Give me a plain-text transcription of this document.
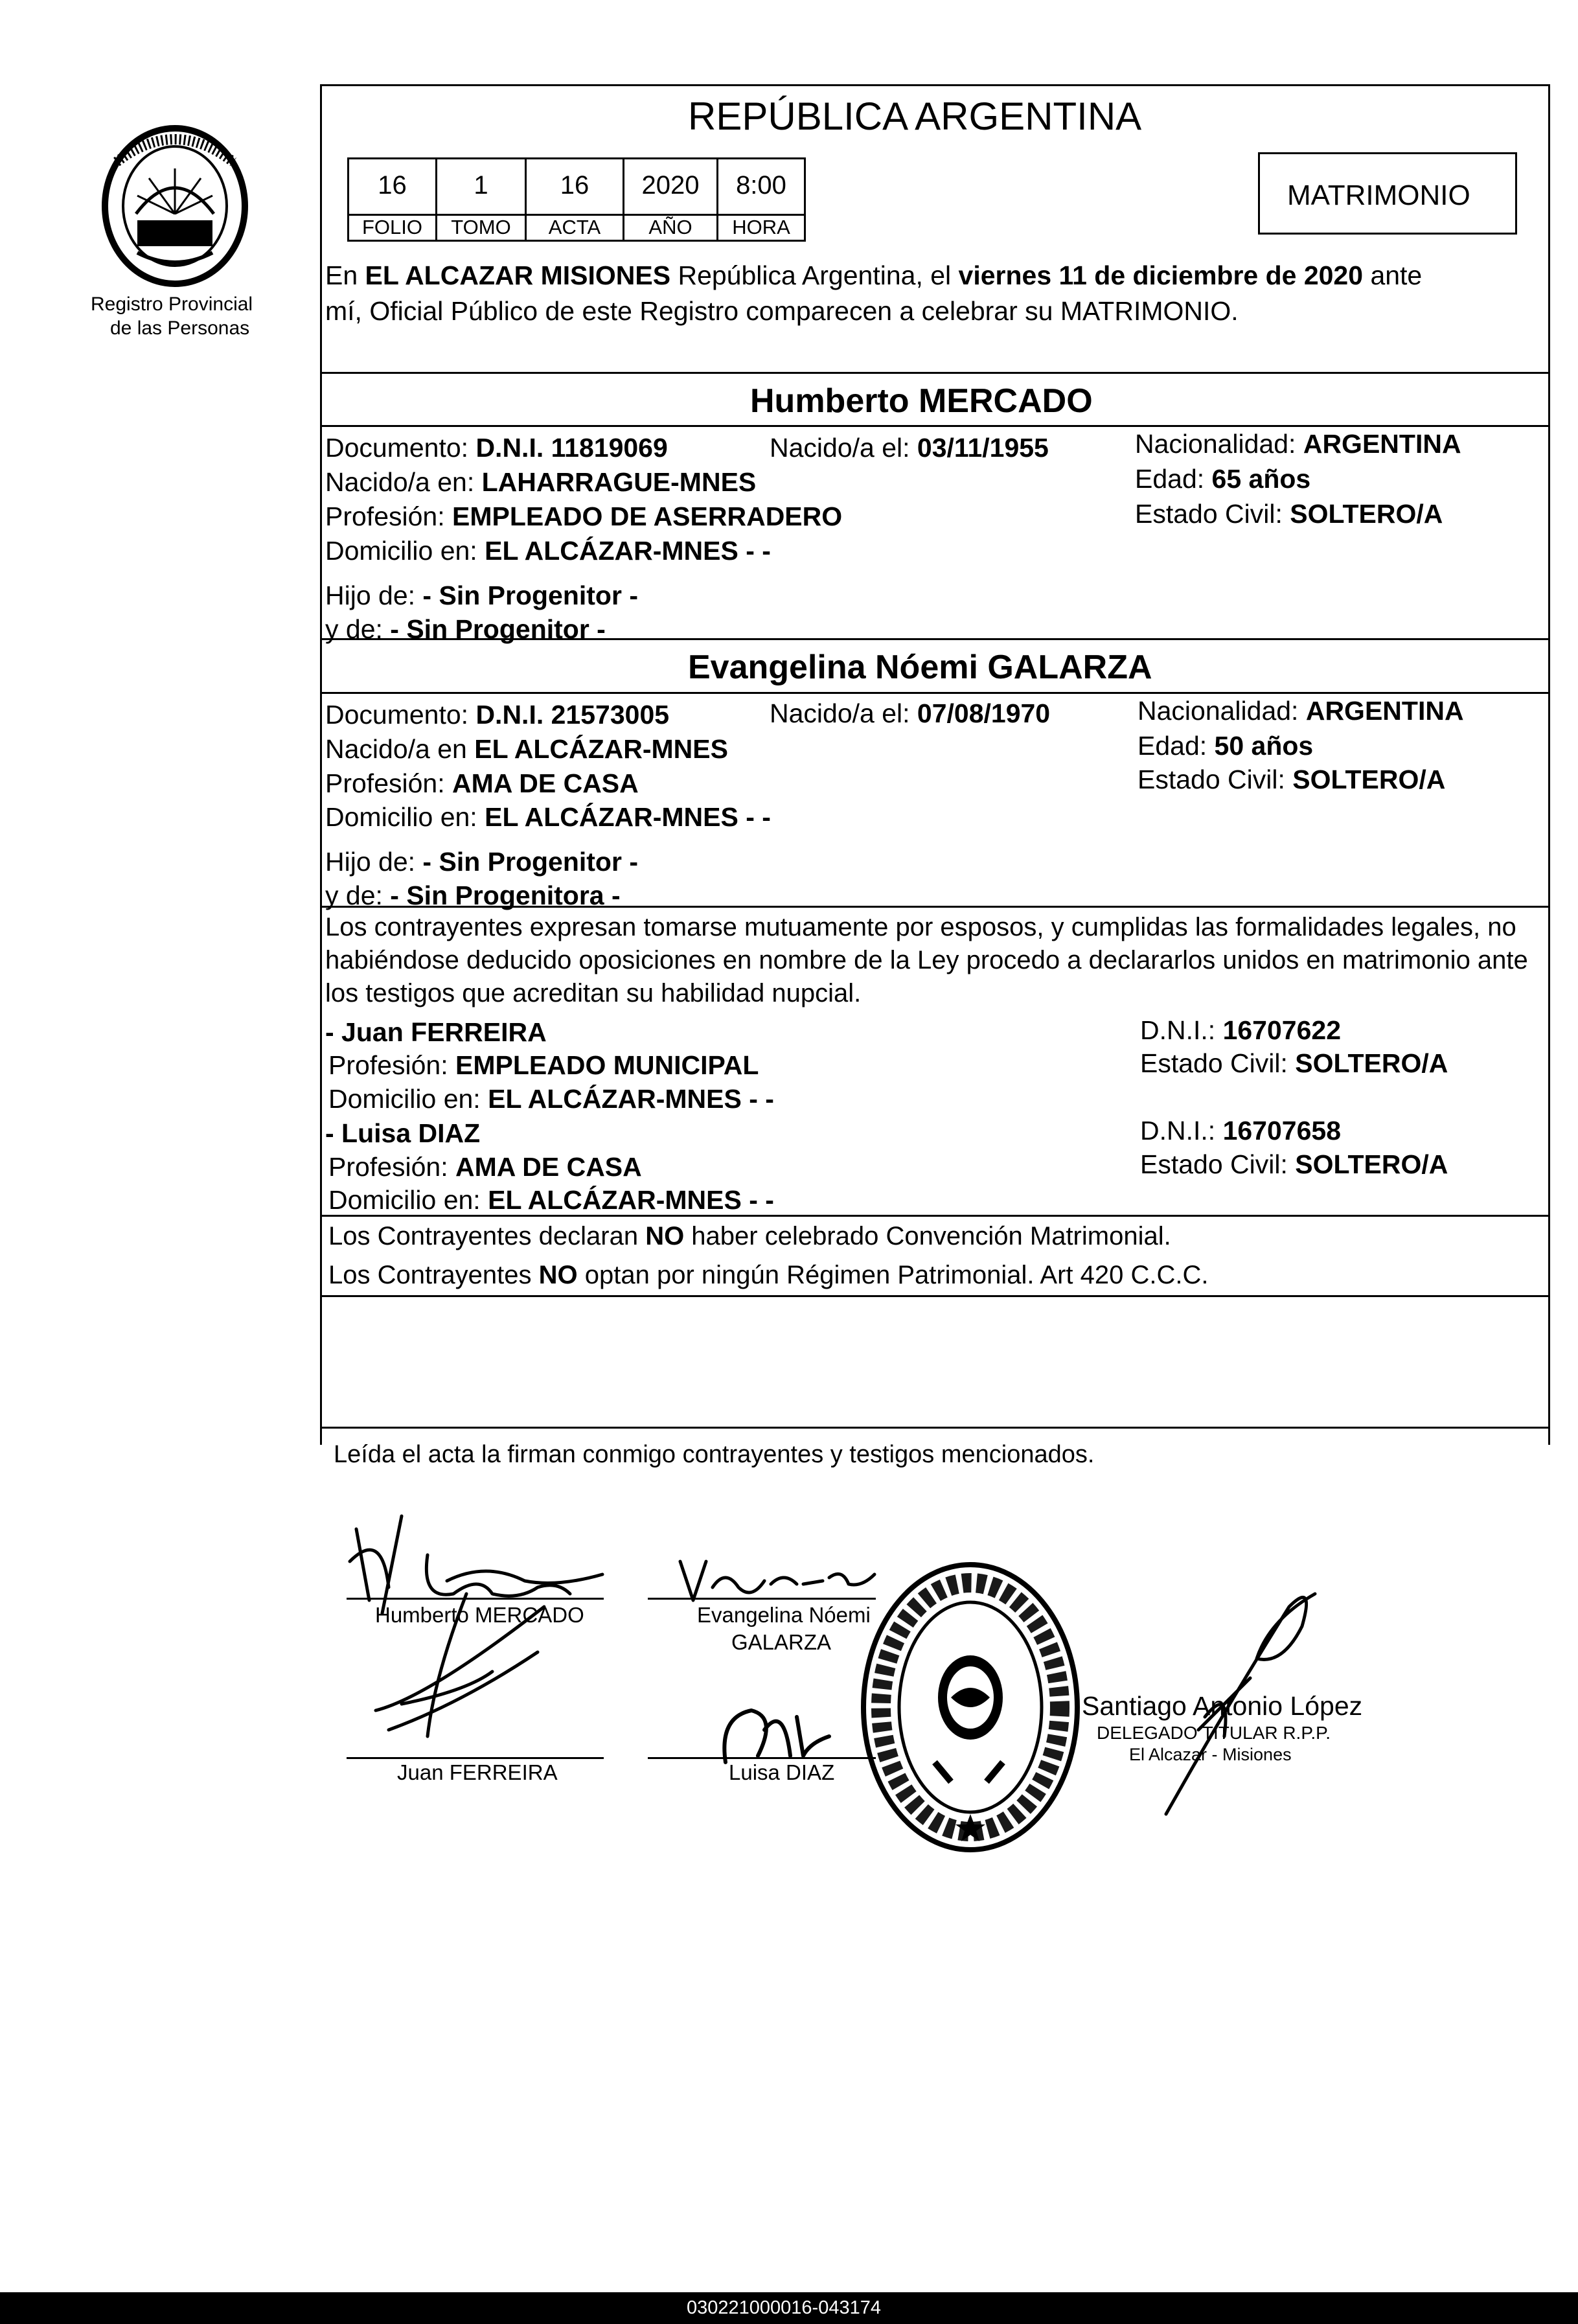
Registro Provincial
de las Personas
REPÚBLICA ARGENTINA
MATRIMONIO
16	1	16	2020	8:00
FOLIO	TOMO	ACTA	AÑO	HORA
En EL ALCAZAR MISIONES República Argentina, el viernes 11 de diciembre de 2020 ante
mí, Oficial Público de este Registro comparecen a celebrar su MATRIMONIO.
Humberto MERCADO
Documento: D.N.I. 11819069	Nacido/a el: 03/11/1955	Nacionalidad: ARGENTINA
Nacido/a en: LAHARRAGUE-MNES	Edad: 65 años
Profesión: EMPLEADO DE ASERRADERO	Estado Civil: SOLTERO/A
Domicilio en: EL ALCÁZAR-MNES - -
Hijo de: - Sin Progenitor -
y de: - Sin Progenitor -
Evangelina Nóemi GALARZA
Documento: D.N.I. 21573005	Nacido/a el: 07/08/1970	Nacionalidad: ARGENTINA
Nacido/a en EL ALCÁZAR-MNES	Edad: 50 años
Profesión: AMA DE CASA	Estado Civil: SOLTERO/A
Domicilio en: EL ALCÁZAR-MNES - -
Hijo de: - Sin Progenitor -
y de: - Sin Progenitora -
Los contrayentes expresan tomarse mutuamente por esposos, y cumplidas las formalidades legales, no
habiéndose deducido oposiciones en nombre de la Ley procedo a declararlos unidos en matrimonio ante
los testigos que acreditan su habilidad nupcial.
- Juan FERREIRA	D.N.I.: 16707622
Profesión: EMPLEADO MUNICIPAL	Estado Civil: SOLTERO/A
Domicilio en: EL ALCÁZAR-MNES - -
- Luisa DIAZ	D.N.I.: 16707658
Profesión: AMA DE CASA	Estado Civil: SOLTERO/A
Domicilio en: EL ALCÁZAR-MNES - -
Los Contrayentes declaran NO haber celebrado Convención Matrimonial.
Los Contrayentes NO optan por ningún Régimen Patrimonial. Art 420 C.C.C.
Leída el acta la firman conmigo contrayentes y testigos mencionados.
Humberto MERCADO	Evangelina Nóemi
GALARZA
Juan FERREIRA	Luisa DIAZ
Santiago Antonio López
DELEGADO TITULAR R.P.P.
El Alcazar - Misiones
030221000016-043174
